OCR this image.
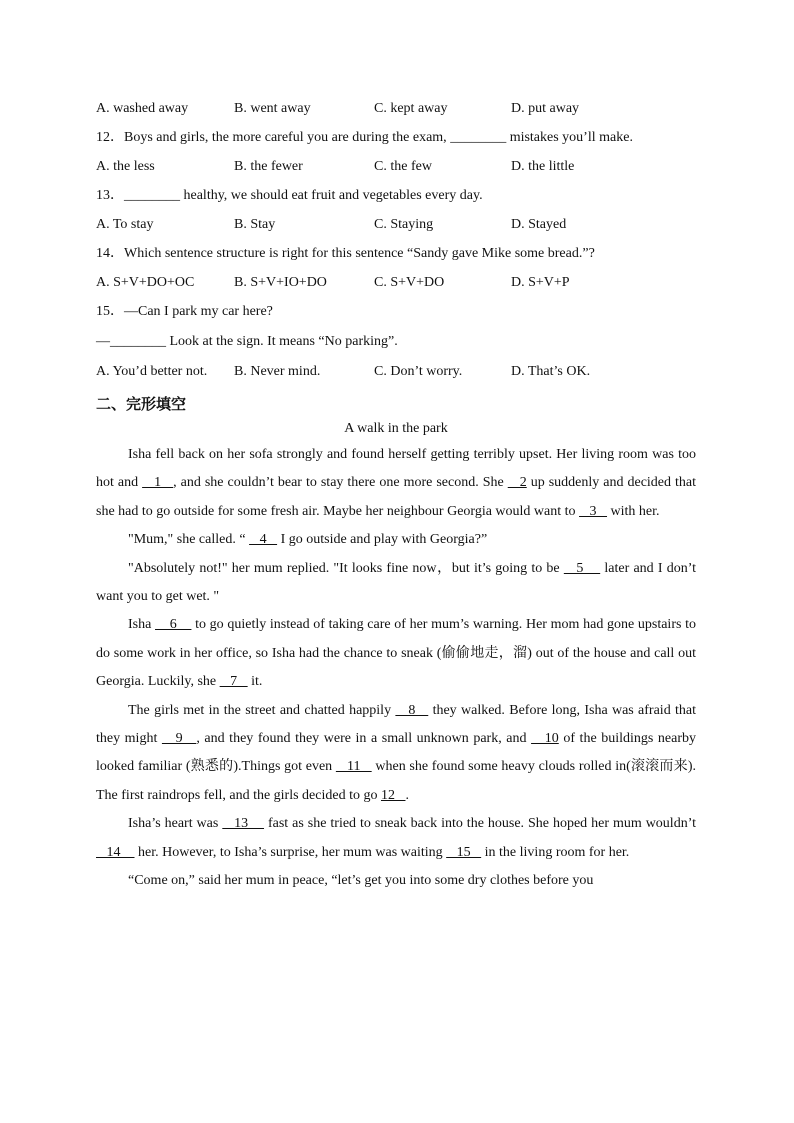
A. washed away	B. went away	C. kept away	D. put away
12．Boys and girls, the more careful you are during the exam, ________ mistakes you’ll make.
A. the less	B. the fewer	C. the few	D. the little
13．________ healthy, we should eat fruit and vegetables every day.
A. To stay	B. Stay	C. Staying	D. Stayed
14．Which sentence structure is right for this sentence “Sandy gave Mike some bread.”?
A. S+V+DO+OC	B. S+V+IO+DO	C. S+V+DO	D. S+V+P
15．—Can I park my car here?
—________ Look at the sign. It means “No parking”.
A. You’d better not.	B. Never mind.	C. Don’t worry.	D. That’s OK.
二、完形填空
A walk in the park

Isha fell back on her sofa strongly and found herself getting terribly upset. Her living room was too hot and    1   , and she couldn’t bear to stay there one more second. She    2 up suddenly and decided that she had to go outside for some fresh air. Maybe her neighbour Georgia would want to    3    with her.

"Mum," she called. “    4    I go outside and play with Georgia?”

"Absolutely not!" her mum replied. "It looks fine now，but it’s going to be    5     later and I don’t want you to get wet. "

Isha     6     to go quietly instead of taking care of her mum’s warning. Her mom had gone upstairs to do some work in her office, so Isha had the chance to sneak (偷偷地走，溜) out of the house and call out Georgia. Luckily, she    7    it.

The girls met in the street and chatted happily    8    they walked. Before long, Isha was afraid that they might    9   , and they found they were in a small unknown park, and    10 of the buildings nearby looked familiar (熟悉的).Things got even    11    when she found some heavy clouds rolled in(滚滚而来). The first raindrops fell, and the girls decided to go 12   .

Isha’s heart was    13     fast as she tried to sneak back into the house. She hoped her mum wouldn’t    14     her. However, to Isha’s surprise, her mum was waiting    15    in the living room for her.

“Come on,” said her mum in peace, “let’s get you into some dry clothes before you
